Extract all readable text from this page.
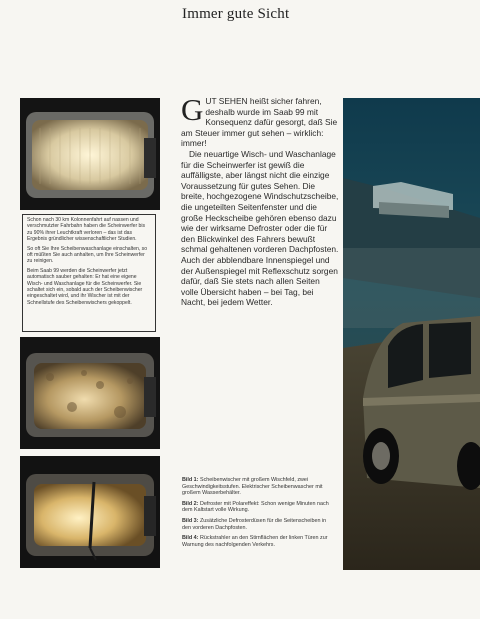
Immer gute Sicht

Schon nach 30 km Kolonnenfahrt auf nassen und verschmutzter Fahrbahn haben die Scheinwerfer bis zu 90% ihrer Leuchtkraft verloren – das ist das Ergebnis gründlicher wissenschaftlicher Studien.

So oft Sie Ihre Scheibenwaschanlage einschalten, so oft müßten Sie auch anhalten, um Ihre Scheinwerfer zu reinigen.

Beim Saab 99 werden die Scheinwerfer jetzt automatisch sauber gehalten: Er hat eine eigene Wisch- und Waschanlage für die Scheinwerfer. Sie schaltet sich ein, sobald auch der Scheibenwischer eingeschaltet wird, und ihr Wischer ist mit der Schnellstufe des Scheibenwischers gekoppelt.

GUT SEHEN heißt sicher fahren, deshalb wurde im Saab 99 mit Konsequenz dafür gesorgt, daß Sie am Steuer immer gut sehen – wirklich: immer!

Die neuartige Wisch- und Waschanlage für die Scheinwerfer ist gewiß die auffälligste, aber längst nicht die einzige Voraussetzung für gutes Sehen. Die breite, hochgezogene Windschutzscheibe, die ungeteilten Seitenfenster und die große Heckscheibe gehören ebenso dazu wie der wirksame Defroster oder die für den Blickwinkel des Fahrers bewußt schmal gehaltenen vorderen Dachpfosten. Auch der abblendbare Innenspiegel und der Außenspiegel mit Reflexschutz sorgen dafür, daß Sie stets nach allen Seiten volle Übersicht haben – bei Tag, bei Nacht, bei jedem Wetter.

Bild 1: Scheibenwischer mit großem Wischfeld, zwei Geschwindigkeitsstufen. Elektrischer Scheibenwascher mit großem Wasserbehälter.

Bild 2: Defroster mit Polareffekt: Schon wenige Minuten nach dem Kaltstart volle Wirkung.

Bild 3: Zusätzliche Defrosterdüsen für die Seitenscheiben in den vorderen Dachpfosten.

Bild 4: Rückstrahler an den Stirnflächen der linken Türen zur Warnung des nachfolgenden Verkehrs.
